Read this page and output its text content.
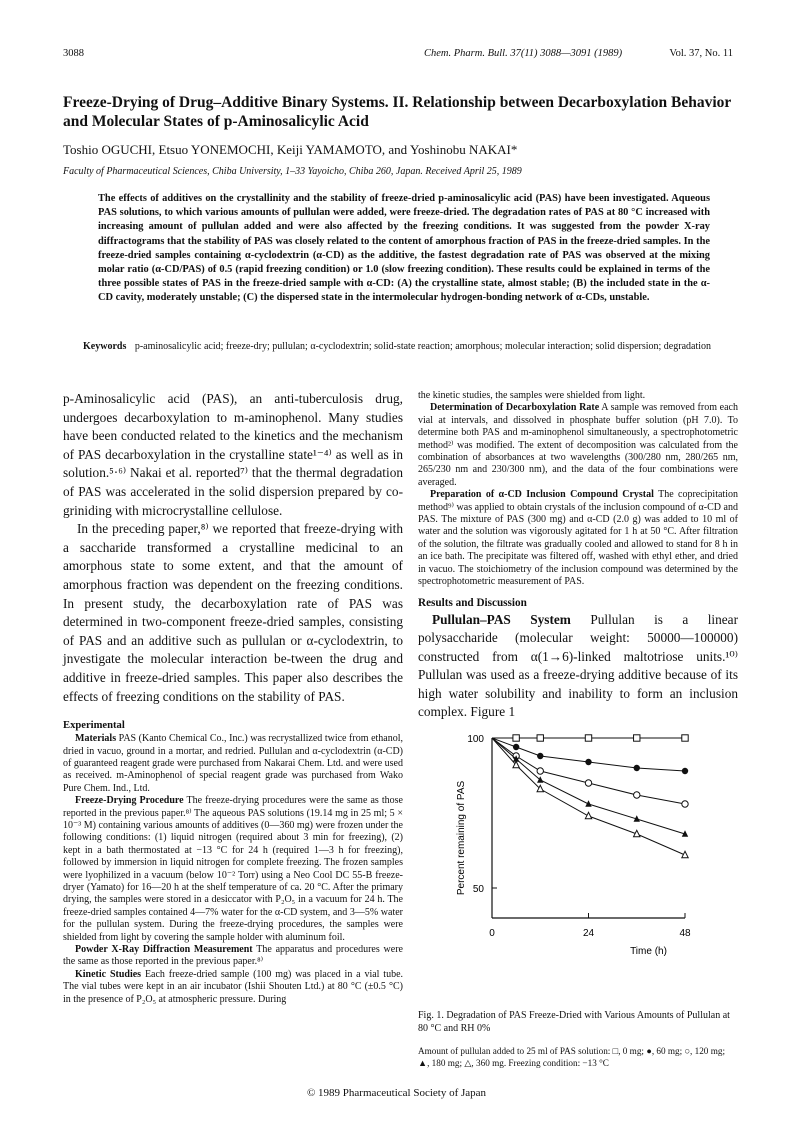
3088	Chem. Pharm. Bull. 37(11) 3088—3091 (1989)	Vol. 37, No. 11
Freeze-Drying of Drug–Additive Binary Systems. II. Relationship between Decarboxylation Behavior and Molecular States of p-Aminosalicylic Acid
Toshio OGUCHI, Etsuo YONEMOCHI, Keiji YAMAMOTO, and Yoshinobu NAKAI*
Faculty of Pharmaceutical Sciences, Chiba University, 1–33 Yayoicho, Chiba 260, Japan. Received April 25, 1989
The effects of additives on the crystallinity and the stability of freeze-dried p-aminosalicylic acid (PAS) have been investigated. Aqueous PAS solutions, to which various amounts of pullulan were added, were freeze-dried. The degradation rates of PAS at 80 °C increased with increasing amount of pullulan added and were also affected by the freezing conditions. It was suggested from the powder X-ray diffractograms that the stability of PAS was closely related to the content of amorphous fraction of PAS in the freeze-dried samples. In the freeze-dried samples containing α-cyclodextrin (α-CD) as the additive, the fastest degradation rate of PAS was observed at the mixing molar ratio (α-CD/PAS) of 0.5 (rapid freezing condition) or 1.0 (slow freezing condition). These results could be explained in terms of the three possible states of PAS in the freeze-dried sample with α-CD: (A) the crystalline state, almost stable; (B) the included state in the α-CD cavity, moderately unstable; (C) the dispersed state in the intermolecular hydrogen-bonding network of α-CDs, unstable.
Keywords p-aminosalicylic acid; freeze-dry; pullulan; α-cyclodextrin; solid-state reaction; amorphous; molecular interaction; solid dispersion; degradation

p-Aminosalicylic acid (PAS), an anti-tuberculosis drug, undergoes decarboxylation to m-aminophenol. Many studies have been conducted related to the kinetics and the mechanism of PAS decarboxylation in the crystalline state¹⁻⁴⁾ as well as in solution.⁵·⁶⁾ Nakai et al. reported⁷⁾ that the thermal degradation of PAS was accelerated in the solid dispersion prepared by co-griniding with microcrystalline cellulose.

In the preceding paper,⁸⁾ we reported that freeze-drying with a saccharide transformed a crystalline medicinal to an amorphous state to some extent, and that the amount of amorphous fraction was dependent on the freezing conditions. In present study, the decarboxylation rate of PAS was determined in two-component freeze-dried samples, consisting of PAS and an additive such as pullulan or α-cyclodextrin, to jnvestigate the molecular interaction be-tween the drug and additive in freeze-dried samples. This paper also describes the effects of freezing conditions on the stability of PAS.

Experimental

Materials PAS (Kanto Chemical Co., Inc.) was recrystallized twice from ethanol, dried in vacuo, ground in a mortar, and redried. Pullulan and α-cyclodextrin (α-CD) of guaranteed reagent grade were purchased from Nakarai Chem. Ltd. and were used as received. m-Aminophenol of special reagent grade was purchased from Wako Pure Chem. Ind., Ltd.

Freeze-Drying Procedure The freeze-drying procedures were the same as those reported in the previous paper.⁸⁾ The aqueous PAS solutions (19.14 mg in 25 ml; 5 × 10⁻³ M) containing various amounts of additives (0—360 mg) were frozen under the following conditions: (1) liquid nitrogen (required about 3 min for freezing), (2) kept in a bath thermostated at −13 °C for 24 h (required 1—3 h for freezing), followed by immersion in liquid nitrogen for complete freezing. The frozen samples were lyophilized in a vacuum (below 10⁻² Torr) using a Neo Cool DC 55-B freeze-dryer (Yamato) for 16—20 h at the shelf temperature of ca. 20 °C. After the primary drying, the samples were stored in a desiccator with P₂O₅ in a vacuum for 24 h. The freeze-dried samples contained 4—7% water for the α-CD system, and 3—5% water for the pullulan system. During the freeze-drying procedures, the samples were shielded from light by covering the sample holder with aluminum foil.

Powder X-Ray Diffraction Measurement The apparatus and procedures were the same as those reported in the previous paper.⁸⁾

Kinetic Studies Each freeze-dried sample (100 mg) was placed in a vial tube. The vial tubes were kept in an air incubator (Ishii Shouten Ltd.) at 80 °C (±0.5 °C) in the presence of P₂O₅ at atmospheric pressure. During

the kinetic studies, the samples were shielded from light.

Determination of Decarboxylation Rate A sample was removed from each vial at intervals, and dissolved in phosphate buffer solution (pH 7.0). To determine both PAS and m-aminophenol simultaneously, a spectrophotometric method²⁾ was modified. The extent of decomposition was calculated from the combination of absorbances at two wavelengths (300/280 nm, 280/265 nm, 265/230 nm and 230/300 nm), and the data of the four combinations were averaged.

Preparation of α-CD Inclusion Compound Crystal The coprecipitation method⁹⁾ was applied to obtain crystals of the inclusion compound of α-CD and PAS. The mixture of PAS (300 mg) and α-CD (2.0 g) was added to 10 ml of water and the solution was vigorously agitated for 1 h at 50 °C. After filtration of the solution, the filtrate was gradually cooled and allowed to stand for 8 h in an ice bath. The precipitate was filtered off, washed with ethyl ether, and dried in vacuo. The stoichiometry of the inclusion compound was determined by the spectrophotometric measurement of PAS.

Results and Discussion

Pullulan–PAS System Pullulan is a linear polysaccharide (molecular weight: 50000—100000) constructed from α(1→6)-linked maltotriose units.¹⁰⁾ Pullulan was used as a freeze-drying additive because of its high water solubility and inability to form an inclusion complex. Figure 1

50
100
0	24	48
Time (h)
Percent remaining of PAS
Fig. 1. Degradation of PAS Freeze-Dried with Various Amounts of Pullulan at 80 °C and RH 0%
Amount of pullulan added to 25 ml of PAS solution: □, 0 mg; ●, 60 mg; ○, 120 mg; ▲, 180 mg; △, 360 mg. Freezing condition: −13 °C
© 1989 Pharmaceutical Society of Japan
